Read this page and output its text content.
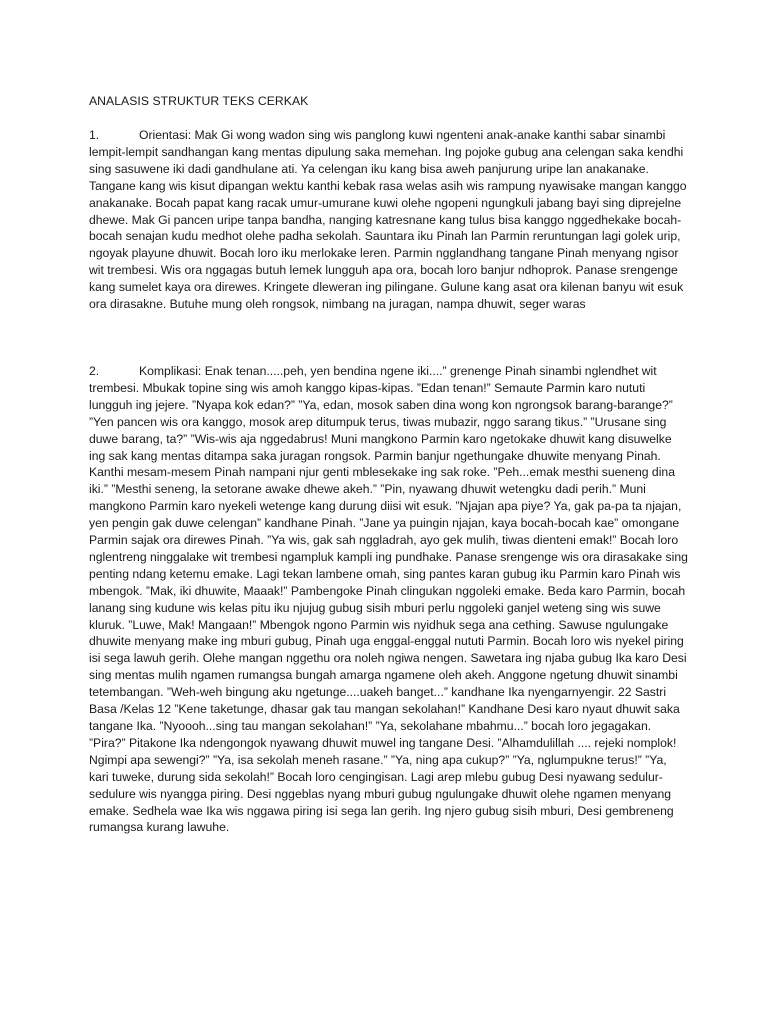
ANALASIS STRUKTUR TEKS CERKAK

1.	Orientasi: Mak Gi wong wadon sing wis panglong kuwi ngenteni anak-anake kanthi sabar sinambi lempit-lempit sandhangan kang mentas dipulung saka memehan. Ing pojoke gubug ana celengan saka kendhi sing sasuwene iki dadi gandhulane ati. Ya celengan iku kang bisa aweh panjurung uripe lan anakanake. Tangane kang wis kisut dipangan wektu kanthi kebak rasa welas asih wis rampung nyawisake mangan kanggo anakanake. Bocah papat kang racak umur-umurane kuwi olehe ngopeni ngungkuli jabang bayi sing diprejelne dhewe. Mak Gi pancen uripe tanpa bandha, nanging katresnane kang tulus bisa kanggo nggedhekake bocah-bocah senajan kudu medhot olehe padha sekolah. Sauntara iku Pinah lan Parmin reruntungan lagi golek urip, ngoyak playune dhuwit. Bocah loro iku merlokake leren. Parmin ngglandhang tangane Pinah menyang ngisor wit trembesi. Wis ora nggagas butuh lemek lungguh apa ora, bocah loro banjur ndhoprok. Panase srengenge kang sumelet kaya ora direwes. Kringete dleweran ing pilingane. Gulune kang asat ora kilenan banyu wit esuk ora dirasakne. Butuhe mung oleh rongsok, nimbang na juragan, nampa dhuwit, seger waras

2.	Komplikasi: Enak tenan.....peh, yen bendina ngene iki....” grenenge Pinah sinambi nglendhet wit trembesi. Mbukak topine sing wis amoh kanggo kipas-kipas. ”Edan tenan!” Semaute Parmin karo nututi lungguh ing jejere. ”Nyapa kok edan?” ”Ya, edan, mosok saben dina wong kon ngrongsok barang-barange?” ”Yen pancen wis ora kanggo, mosok arep ditumpuk terus, tiwas mubazir, nggo sarang tikus.” ”Urusane sing duwe barang, ta?” ”Wis-wis aja nggedabrus! Muni mangkono Parmin karo ngetokake dhuwit kang disuwelke ing sak kang mentas ditampa saka juragan rongsok. Parmin banjur ngethungake dhuwite menyang Pinah. Kanthi mesam-mesem Pinah nampani njur genti mblesekake ing sak roke. ”Peh...emak mesthi sueneng dina iki.” ”Mesthi seneng, la setorane awake dhewe akeh.” ”Pin, nyawang dhuwit wetengku dadi perih.” Muni mangkono Parmin karo nyekeli wetenge kang durung diisi wit esuk. ”Njajan apa piye? Ya, gak pa-pa ta njajan, yen pengin gak duwe celengan” kandhane Pinah. ”Jane ya puingin njajan, kaya bocah-bocah kae” omongane Parmin sajak ora direwes Pinah. ”Ya wis, gak sah nggladrah, ayo gek mulih, tiwas dienteni emak!” Bocah loro nglentreng ninggalake wit trembesi ngampluk kampli ing pundhake. Panase srengenge wis ora dirasakake sing penting ndang ketemu emake. Lagi tekan lambene omah, sing pantes karan gubug iku Parmin karo Pinah wis mbengok. ”Mak, iki dhuwite, Maaak!” Pambengoke Pinah clingukan nggoleki emake. Beda karo Parmin, bocah lanang sing kudune wis kelas pitu iku njujug gubug sisih mburi perlu nggoleki ganjel weteng sing wis suwe kluruk. ”Luwe, Mak! Mangaan!” Mbengok ngono Parmin wis nyidhuk sega ana cething. Sawuse ngulungake dhuwite menyang make ing mburi gubug, Pinah uga enggal-enggal nututi Parmin. Bocah loro wis nyekel piring isi sega lawuh gerih. Olehe mangan nggethu ora noleh ngiwa nengen. Sawetara ing njaba gubug Ika karo Desi sing mentas mulih ngamen rumangsa bungah amarga ngamene oleh akeh. Anggone ngetung dhuwit sinambi tetembangan. ”Weh-weh bingung aku ngetunge....uakeh banget...” kandhane Ika nyengarnyengir. 22 Sastri Basa /Kelas 12 ”Kene taketunge, dhasar gak tau mangan sekolahan!” Kandhane Desi karo nyaut dhuwit saka tangane Ika. ”Nyoooh...sing tau mangan sekolahan!” ”Ya, sekolahane mbahmu...” bocah loro jegagakan. ”Pira?” Pitakone Ika ndengongok nyawang dhuwit muwel ing tangane Desi. ”Alhamdulillah .... rejeki nomplok! Ngimpi apa sewengi?” ”Ya, isa sekolah meneh rasane.” ”Ya, ning apa cukup?” ”Ya, nglumpukne terus!” ”Ya, kari tuweke, durung sida sekolah!” Bocah loro cengingisan. Lagi arep mlebu gubug Desi nyawang sedulur-sedulure wis nyangga piring. Desi nggeblas nyang mburi gubug ngulungake dhuwit olehe ngamen menyang emake. Sedhela wae Ika wis nggawa piring isi sega lan gerih. Ing njero gubug sisih mburi, Desi gembreneng rumangsa kurang lawuhe.
